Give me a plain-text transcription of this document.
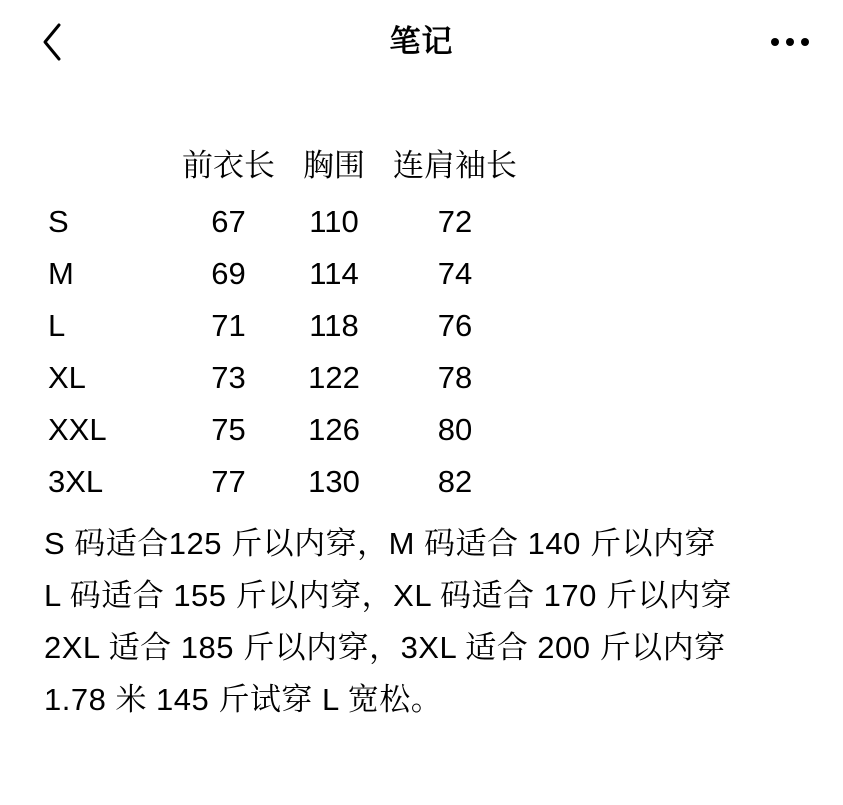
笔记
	前衣长	胸围	连肩袖长
S	67	110	72
M	69	114	74
L	71	118	76
XL	73	122	78
XXL	75	126	80
3XL	77	130	82
S 码适合125 斤以内穿，M 码适合 140 斤以内穿
L 码适合 155 斤以内穿，XL 码适合 170 斤以内穿
2XL 适合 185 斤以内穿，3XL 适合 200 斤以内穿
1.78 米 145 斤试穿 L 宽松。
